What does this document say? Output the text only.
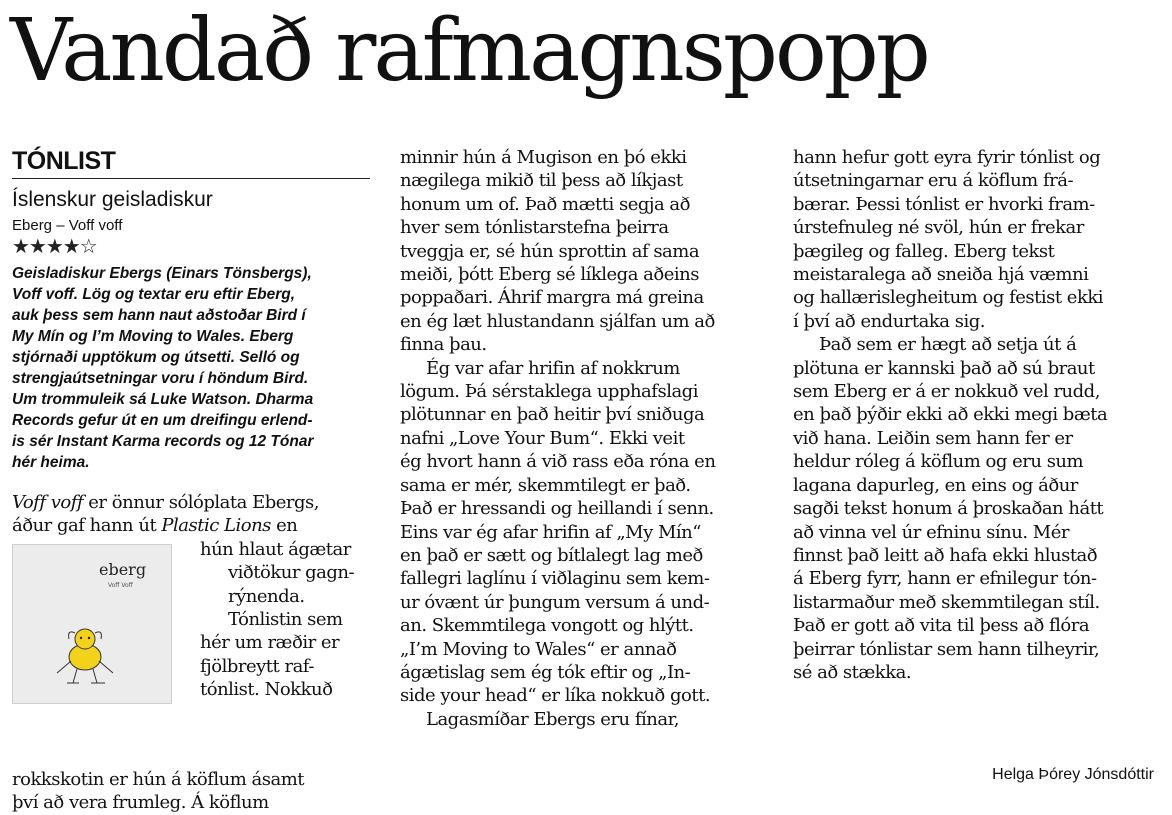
Vandað rafmagnspopp
TÓNLIST
Íslenskur geisladiskur
Eberg – Voff voff
★★★★☆
Geisladiskur Ebergs (Einars Tönsbergs),
Voff voff. Lög og textar eru eftir Eberg,
auk þess sem hann naut aðstoðar Bird í
My Mín og I’m Moving to Wales. Eberg
stjórnaði upptökum og útsetti. Selló og
strengjaútsetningar voru í höndum Bird.
Um trommuleik sá Luke Watson. Dharma
Records gefur út en um dreifingu erlend-
is sér Instant Karma records og 12 Tónar
hér heima.
Voff voff er önnur sólóplata Ebergs,
áður gaf hann út Plastic Lions en
eberg
Voff Voff
hún hlaut ágætar
viðtökur gagn-
rýnenda.
Tónlistin sem
hér um ræðir er
fjölbreytt raf-
tónlist. Nokkuð
rokkskotin er hún á köflum ásamt
því að vera frumleg. Á köflum
minnir hún á Mugison en þó ekki
nægilega mikið til þess að líkjast
honum um of. Það mætti segja að
hver sem tónlistarstefna þeirra
tveggja er, sé hún sprottin af sama
meiði, þótt Eberg sé líklega aðeins
poppaðari. Áhrif margra má greina
en ég læt hlustandann sjálfan um að
finna þau.
Ég var afar hrifin af nokkrum
lögum. Þá sérstaklega upphafslagi
plötunnar en það heitir því sniðuga
nafni „Love Your Bum“. Ekki veit
ég hvort hann á við rass eða róna en
sama er mér, skemmtilegt er það.
Það er hressandi og heillandi í senn.
Eins var ég afar hrifin af „My Mín“
en það er sætt og bítlalegt lag með
fallegri laglínu í viðlaginu sem kem-
ur óvænt úr þungum versum á und-
an. Skemmtilega vongott og hlýtt.
„I’m Moving to Wales“ er annað
ágætislag sem ég tók eftir og „In-
side your head“ er líka nokkuð gott.
Lagasmíðar Ebergs eru fínar,
hann hefur gott eyra fyrir tónlist og
útsetningarnar eru á köflum frá-
bærar. Þessi tónlist er hvorki fram-
úrstefnuleg né svöl, hún er frekar
þægileg og falleg. Eberg tekst
meistaralega að sneiða hjá væmni
og hallærislegheitum og festist ekki
í því að endurtaka sig.
Það sem er hægt að setja út á
plötuna er kannski það að sú braut
sem Eberg er á er nokkuð vel rudd,
en það þýðir ekki að ekki megi bæta
við hana. Leiðin sem hann fer er
heldur róleg á köflum og eru sum
lagana dapurleg, en eins og áður
sagði tekst honum á þroskaðan hátt
að vinna vel úr efninu sínu. Mér
finnst það leitt að hafa ekki hlustað
á Eberg fyrr, hann er efnilegur tón-
listarmaður með skemmtilegan stíl.
Það er gott að vita til þess að flóra
þeirrar tónlistar sem hann tilheyrir,
sé að stækka.
Helga Þórey Jónsdóttir
